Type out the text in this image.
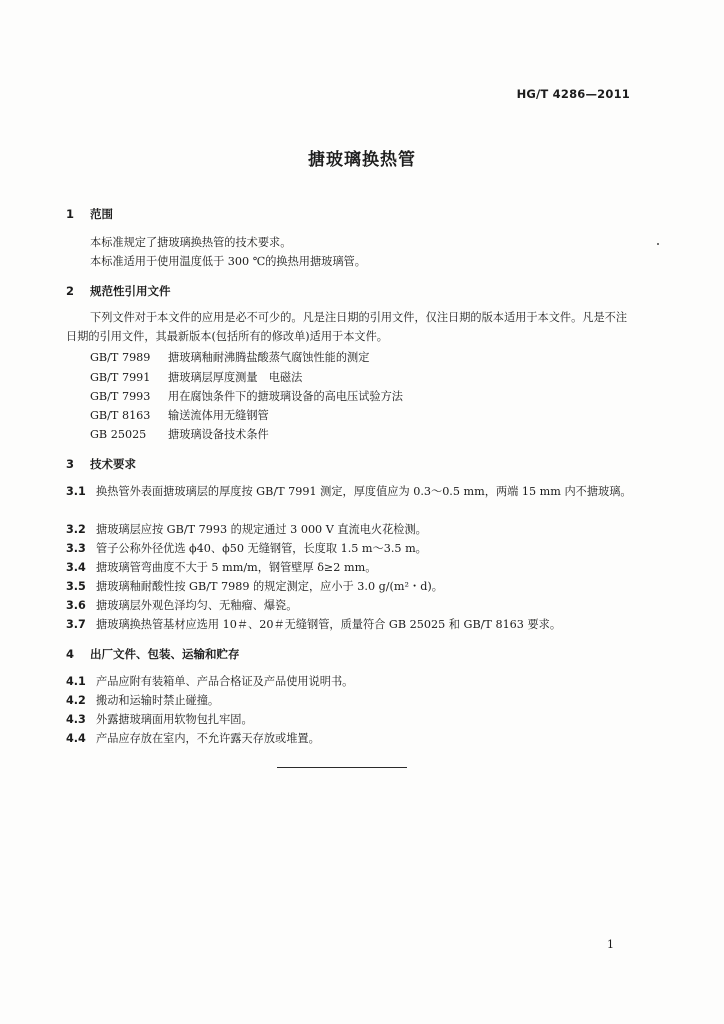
HG/T 4286—2011
搪玻璃换热管
1 范围
本标准规定了搪玻璃换热管的技术要求。
本标准适用于使用温度低于 300 ℃的换热用搪玻璃管。
2 规范性引用文件
下列文件对于本文件的应用是必不可少的。凡是注日期的引用文件，仅注日期的版本适用于本文件。凡是不注日期的引用文件，其最新版本(包括所有的修改单)适用于本文件。
GB/T 7989 搪玻璃釉耐沸腾盐酸蒸气腐蚀性能的测定
GB/T 7991 搪玻璃层厚度测量　电磁法
GB/T 7993 用在腐蚀条件下的搪玻璃设备的高电压试验方法
GB/T 8163 输送流体用无缝钢管
GB 25025 搪玻璃设备技术条件
3 技术要求
3.1 换热管外表面搪玻璃层的厚度按 GB/T 7991 测定，厚度值应为 0.3～0.5 mm，两端 15 mm 内不搪玻璃。
3.2 搪玻璃层应按 GB/T 7993 的规定通过 3 000 V 直流电火花检测。
3.3 管子公称外径优选 ϕ40、ϕ50 无缝钢管，长度取 1.5 m～3.5 m。
3.4 搪玻璃管弯曲度不大于 5 mm/m，钢管壁厚 δ≥2 mm。
3.5 搪玻璃釉耐酸性按 GB/T 7989 的规定测定，应小于 3.0 g/(m²・d)。
3.6 搪玻璃层外观色泽均匀、无釉瘤、爆瓷。
3.7 搪玻璃换热管基材应选用 10＃、20＃无缝钢管，质量符合 GB 25025 和 GB/T 8163 要求。
4 出厂文件、包装、运输和贮存
4.1 产品应附有装箱单、产品合格证及产品使用说明书。
4.2 搬动和运输时禁止碰撞。
4.3 外露搪玻璃面用软物包扎牢固。
4.4 产品应存放在室内，不允许露天存放或堆置。
1
